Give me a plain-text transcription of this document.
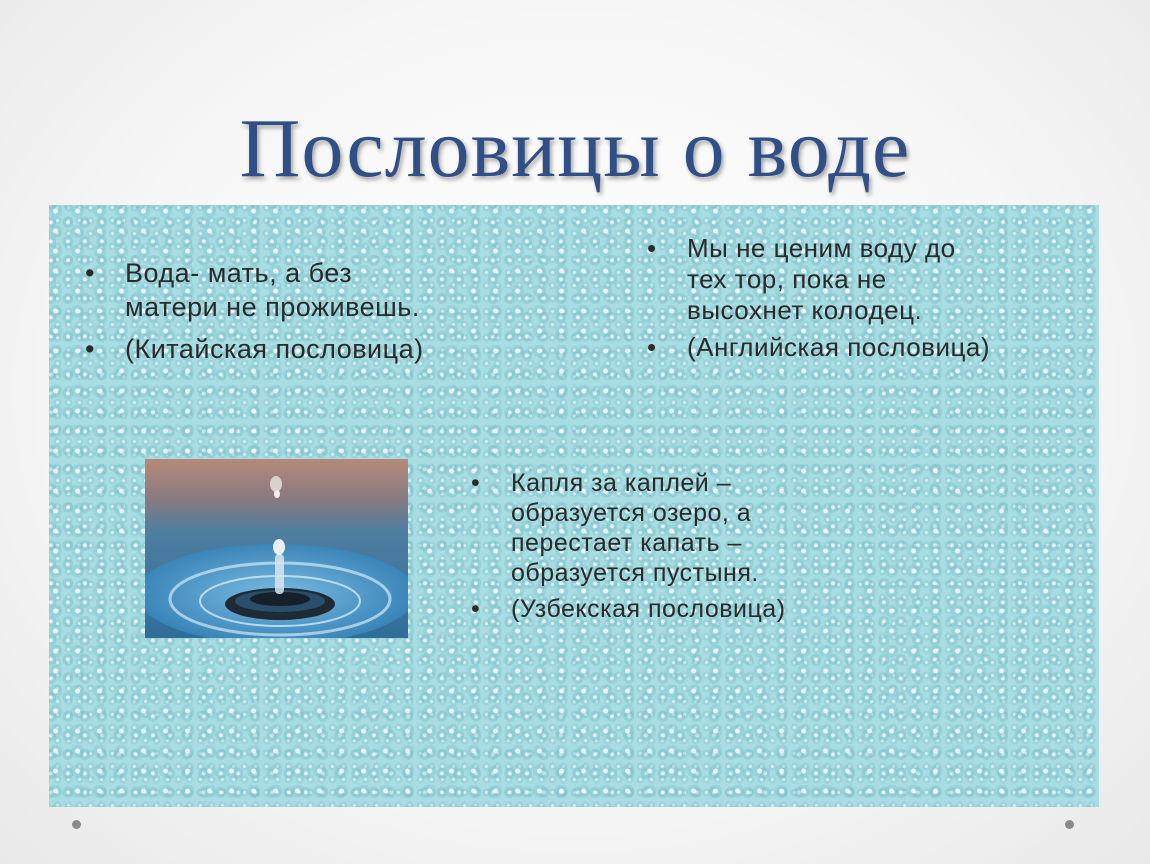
Пословицы о воде
• Вода- мать, а без
матери не проживешь.
• (Китайская пословица)
• Мы не ценим воду до
тех тор, пока не
высохнет колодец.
• (Английская пословица)
• Капля за каплей –
образуется озеро, а
перестает капать –
образуется пустыня.
• (Узбекская пословица)
